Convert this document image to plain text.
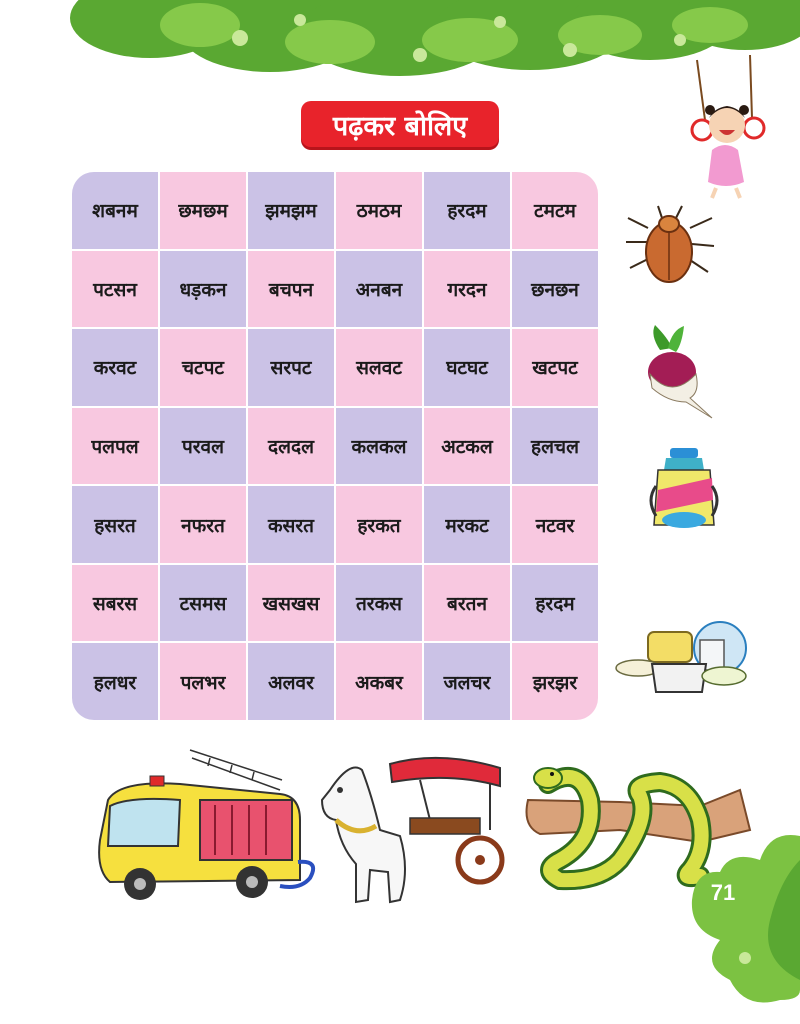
पढ़कर बोलिए
शबनम	छमछम	झमझम	ठमठम	हरदम	टमटम
पटसन	धड़कन	बचपन	अनबन	गरदन	छनछन
करवट	चटपट	सरपट	सलवट	घटघट	खटपट
पलपल	परवल	दलदल	कलकल	अटकल	हलचल
हसरत	नफरत	कसरत	हरकत	मरकट	नटवर
सबरस	टसमस	खसखस	तरकस	बरतन	हरदम
हलधर	पलभर	अलवर	अकबर	जलचर	झरझर
71
